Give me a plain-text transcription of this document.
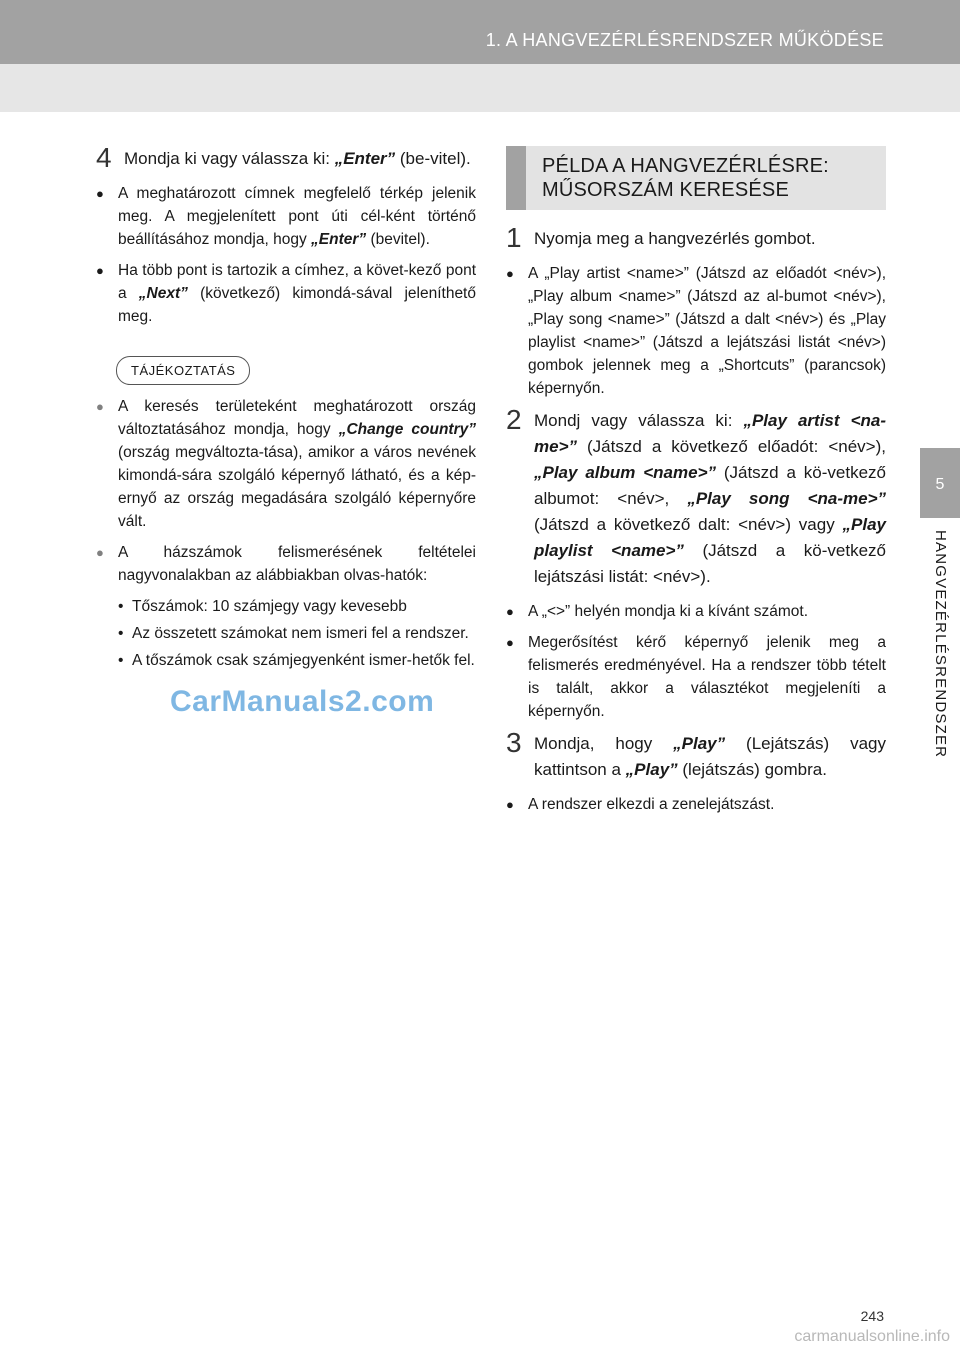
1. A HANGVEZÉRLÉSRENDSZER MŰKÖDÉSE
5
HANGVEZÉRLÉSRENDSZER
4 Mondja ki vagy válassza ki: „Enter” (be-vitel).
● A meghatározott címnek megfelelő térkép jelenik meg. A megjelenített pont úti cél-ként történő beállításához mondja, hogy „Enter” (bevitel).
● Ha több pont is tartozik a címhez, a követ-kező pont a „Next” (következő) kimondá-sával jeleníthető meg.
TÁJÉKOZTATÁS
● A keresés területeként meghatározott ország változtatásához mondja, hogy „Change country” (ország megváltozta-tása), amikor a város nevének kimondá-sára szolgáló képernyő látható, és a kép-ernyő az ország megadására szolgáló képernyőre vált.
● A házszámok felismerésének feltételei nagyvonalakban az alábbiakban olvas-hatók:
• Tőszámok: 10 számjegy vagy kevesebb
• Az összetett számokat nem ismeri fel a rendszer.
• A tőszámok csak számjegyenként ismer-hetők fel.
PÉLDA A HANGVEZÉRLÉSRE:
MŰSORSZÁM KERESÉSE
1 Nyomja meg a hangvezérlés gombot.
● A „Play artist <name>” (Játszd az előadót <név>), „Play album <name>” (Játszd az al-bumot <név>), „Play song <name>” (Játszd a dalt <név>) és „Play playlist <name>” (Játszd a lejátszási listát <név>) gombok jelennek meg a „Shortcuts” (parancsok) képernyőn.
2 Mondj vagy válassza ki: „Play artist <na-me>” (Játszd a következő előadót: <név>), „Play album <name>” (Játszd a kö-vetkező albumot: <név>, „Play song <na-me>” (Játszd a következő dalt: <név>) vagy „Play playlist <name>” (Játszd a kö-vetkező lejátszási listát: <név>).
● A „<>” helyén mondja ki a kívánt számot.
● Megerősítést kérő képernyő jelenik meg a felismerés eredményével. Ha a rendszer több tételt is talált, akkor a választékot megjeleníti a képernyőn.
3 Mondja, hogy „Play” (Lejátszás) vagy kattintson a „Play” (lejátszás) gombra.
● A rendszer elkezdi a zenelejátszást.
CarManuals2.com
243
carmanualsonline.info
